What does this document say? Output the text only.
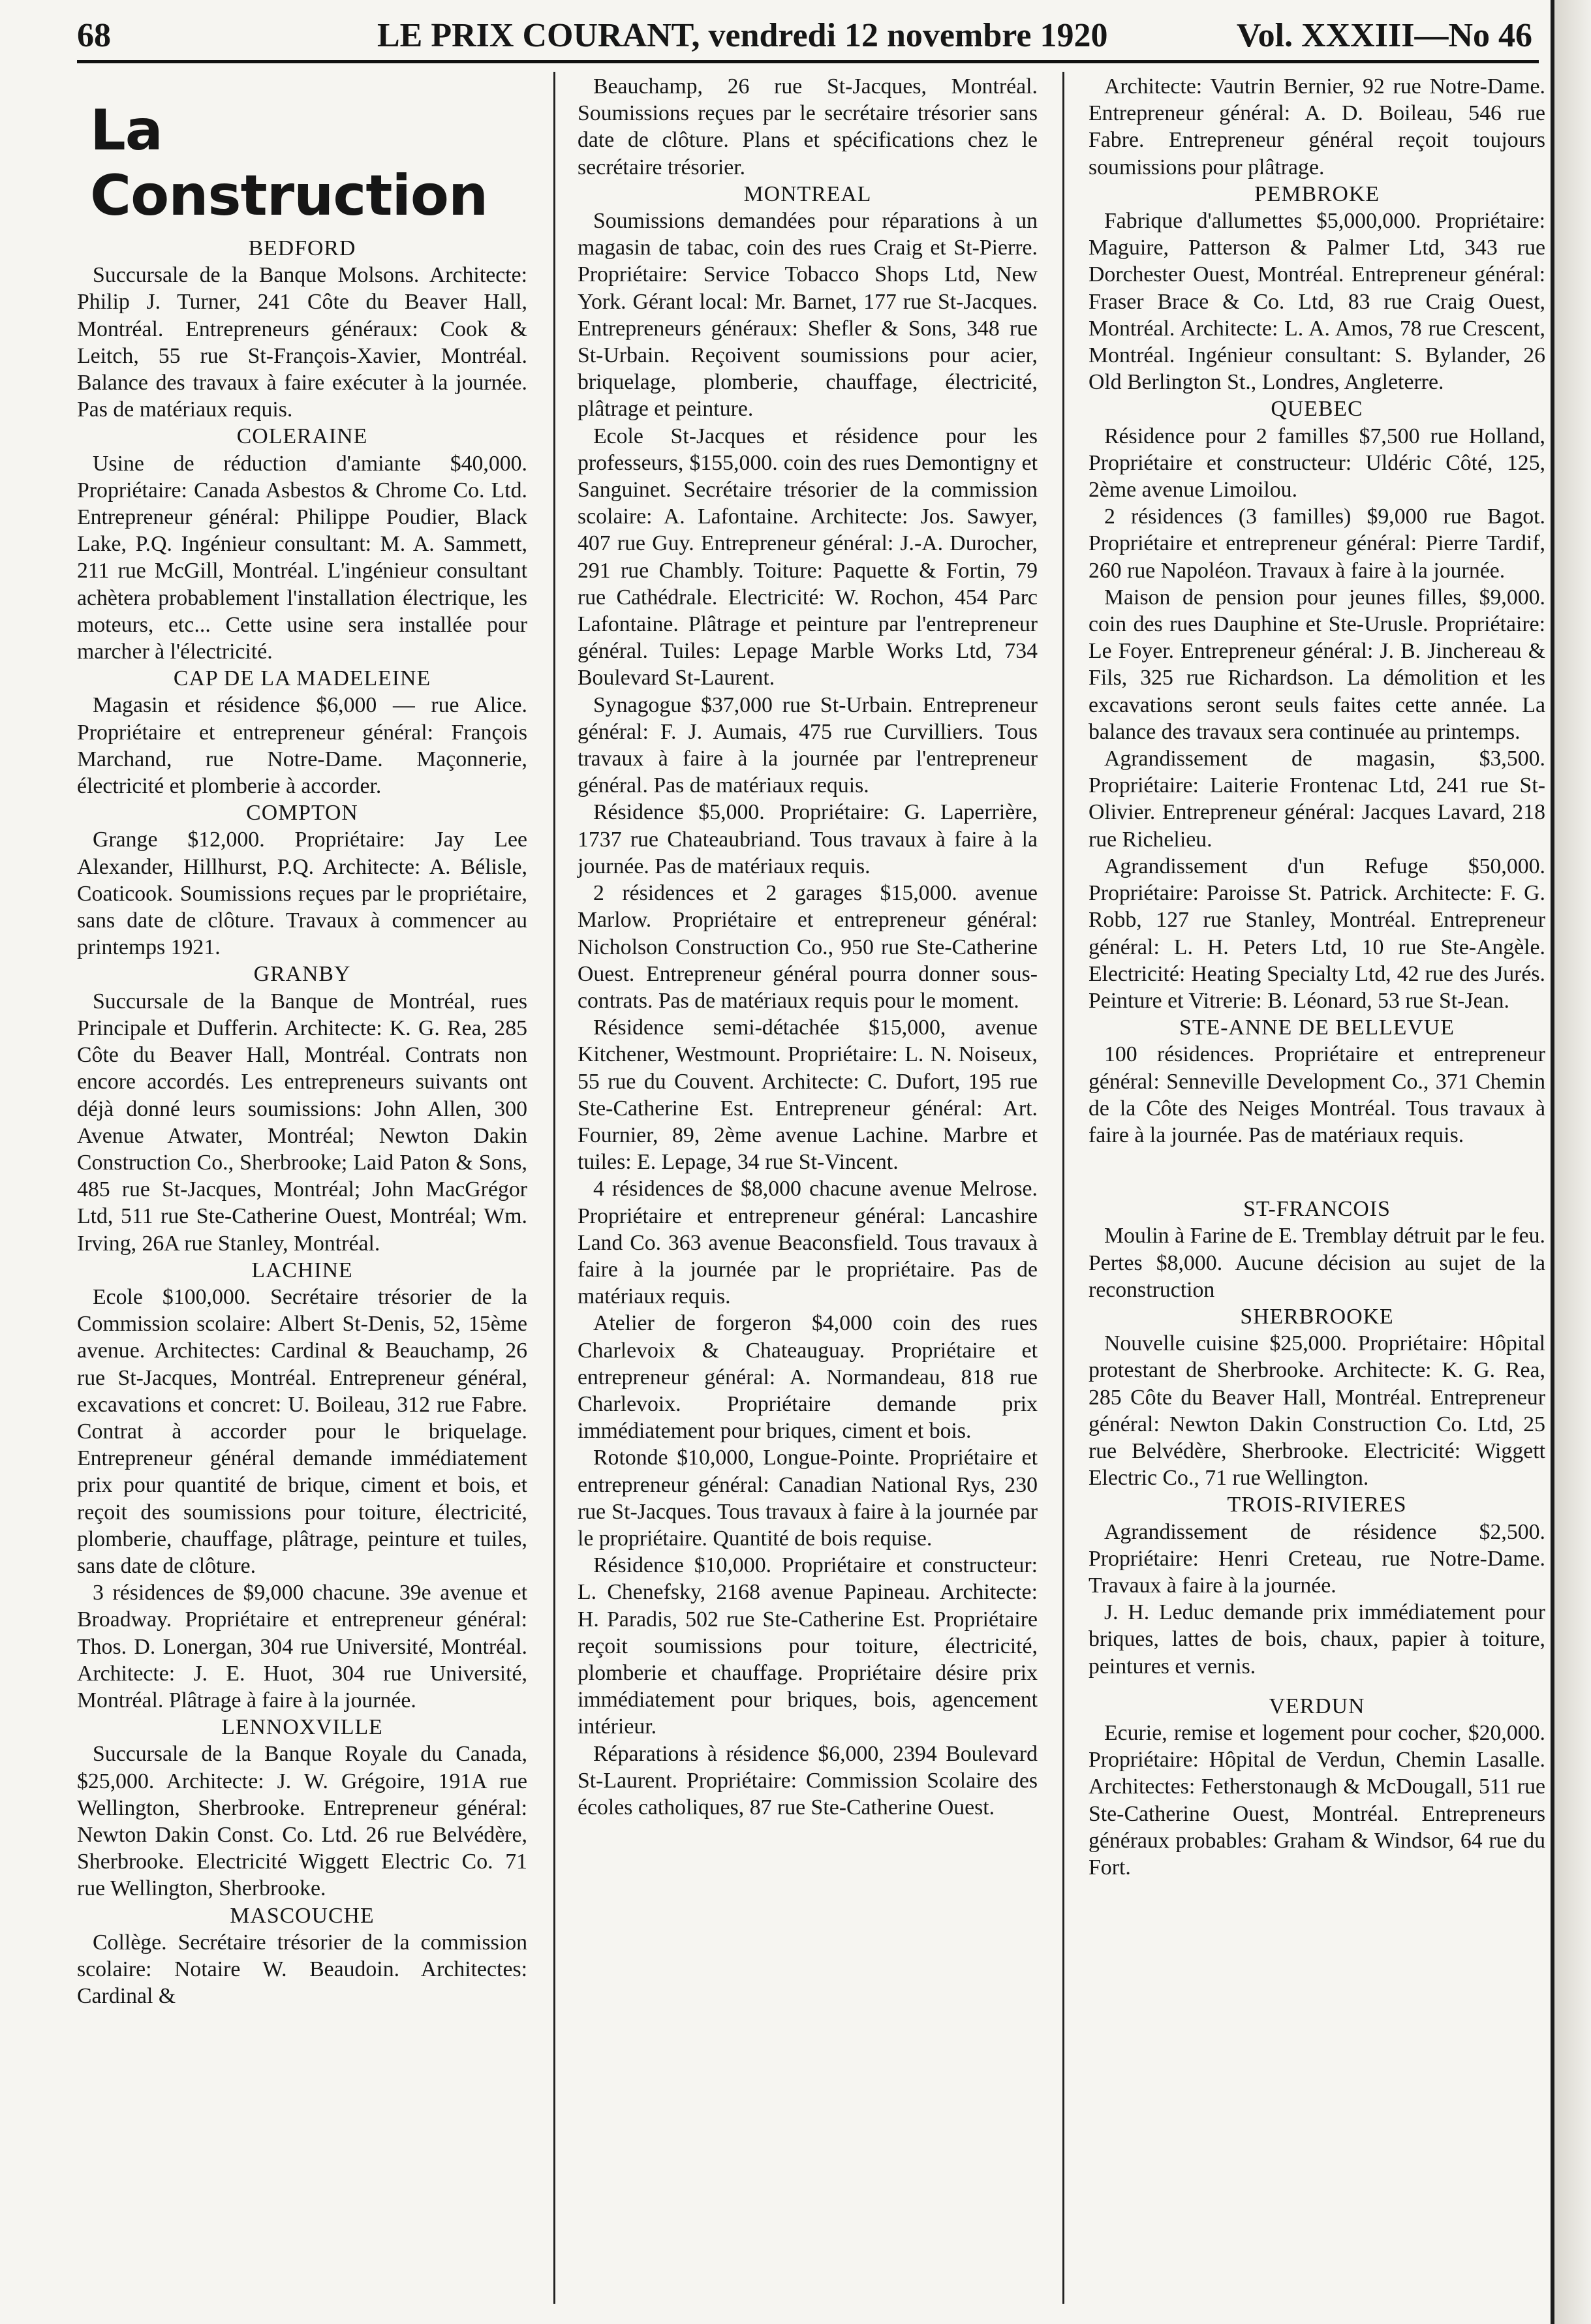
68	LE PRIX COURANT, vendredi 12 novembre 1920	Vol. XXXIII—No 46
La Construction

BEDFORD

Succursale de la Banque Molsons. Architecte: Philip J. Turner, 241 Côte du Beaver Hall, Montréal. Entrepreneurs généraux: Cook & Leitch, 55 rue St-François-Xavier, Montréal. Balance des travaux à faire exécuter à la journée. Pas de matériaux requis.

COLERAINE

Usine de réduction d'amiante $40,000. Propriétaire: Canada Asbestos & Chrome Co. Ltd. Entrepreneur général: Philippe Poudier, Black Lake, P.Q. Ingénieur consultant: M. A. Sammett, 211 rue McGill, Montréal. L'ingénieur consultant achètera probablement l'installation électrique, les moteurs, etc... Cette usine sera installée pour marcher à l'électricité.

CAP DE LA MADELEINE

Magasin et résidence $6,000 — rue Alice. Propriétaire et entrepreneur général: François Marchand, rue Notre-Dame. Maçonnerie, électricité et plomberie à accorder.

COMPTON

Grange $12,000. Propriétaire: Jay Lee Alexander, Hillhurst, P.Q. Architecte: A. Bélisle, Coaticook. Soumissions reçues par le propriétaire, sans date de clôture. Travaux à commencer au printemps 1921.

GRANBY

Succursale de la Banque de Montréal, rues Principale et Dufferin. Architecte: K. G. Rea, 285 Côte du Beaver Hall, Montréal. Contrats non encore accordés. Les entrepreneurs suivants ont déjà donné leurs soumissions: John Allen, 300 Avenue Atwater, Montréal; Newton Dakin Construction Co., Sherbrooke; Laid Paton & Sons, 485 rue St-Jacques, Montréal; John MacGrégor Ltd, 511 rue Ste-Catherine Ouest, Montréal; Wm. Irving, 26A rue Stanley, Montréal.

LACHINE

Ecole $100,000. Secrétaire trésorier de la Commission scolaire: Albert St-Denis, 52, 15ème avenue. Architectes: Cardinal & Beauchamp, 26 rue St-Jacques, Montréal. Entrepreneur général, excavations et concret: U. Boileau, 312 rue Fabre. Contrat à accorder pour le briquelage. Entrepreneur général demande immédiatement prix pour quantité de brique, ciment et bois, et reçoit des soumissions pour toiture, électricité, plomberie, chauffage, plâtrage, peinture et tuiles, sans date de clôture.

3 résidences de $9,000 chacune. 39e avenue et Broadway. Propriétaire et entrepreneur général: Thos. D. Lonergan, 304 rue Université, Montréal. Architecte: J. E. Huot, 304 rue Université, Montréal. Plâtrage à faire à la journée.

LENNOXVILLE

Succursale de la Banque Royale du Canada, $25,000. Architecte: J. W. Grégoire, 191A rue Wellington, Sherbrooke. Entrepreneur général: Newton Dakin Const. Co. Ltd. 26 rue Belvédère, Sherbrooke. Electricité Wiggett Electric Co. 71 rue Wellington, Sherbrooke.

MASCOUCHE

Collège. Secrétaire trésorier de la commission scolaire: Notaire W. Beaudoin. Architectes: Cardinal &

Beauchamp, 26 rue St-Jacques, Montréal. Soumissions reçues par le secrétaire trésorier sans date de clôture. Plans et spécifications chez le secrétaire trésorier.

MONTREAL

Soumissions demandées pour réparations à un magasin de tabac, coin des rues Craig et St-Pierre. Propriétaire: Service Tobacco Shops Ltd, New York. Gérant local: Mr. Barnet, 177 rue St-Jacques. Entrepreneurs généraux: Shefler & Sons, 348 rue St-Urbain. Reçoivent soumissions pour acier, briquelage, plomberie, chauffage, électricité, plâtrage et peinture.

Ecole St-Jacques et résidence pour les professeurs, $155,000. coin des rues Demontigny et Sanguinet. Secrétaire trésorier de la commission scolaire: A. Lafontaine. Architecte: Jos. Sawyer, 407 rue Guy. Entrepreneur général: J.-A. Durocher, 291 rue Chambly. Toiture: Paquette & Fortin, 79 rue Cathédrale. Electricité: W. Rochon, 454 Parc Lafontaine. Plâtrage et peinture par l'entrepreneur général. Tuiles: Lepage Marble Works Ltd, 734 Boulevard St-Laurent.

Synagogue $37,000 rue St-Urbain. Entrepreneur général: F. J. Aumais, 475 rue Curvilliers. Tous travaux à faire à la journée par l'entrepreneur général. Pas de matériaux requis.

Résidence $5,000. Propriétaire: G. Laperrière, 1737 rue Chateaubriand. Tous travaux à faire à la journée. Pas de matériaux requis.

2 résidences et 2 garages $15,000. avenue Marlow. Propriétaire et entrepreneur général: Nicholson Construction Co., 950 rue Ste-Catherine Ouest. Entrepreneur général pourra donner sous-contrats. Pas de matériaux requis pour le moment.

Résidence semi-détachée $15,000, avenue Kitchener, Westmount. Propriétaire: L. N. Noiseux, 55 rue du Couvent. Architecte: C. Dufort, 195 rue Ste-Catherine Est. Entrepreneur général: Art. Fournier, 89, 2ème avenue Lachine. Marbre et tuiles: E. Lepage, 34 rue St-Vincent.

4 résidences de $8,000 chacune avenue Melrose. Propriétaire et entrepreneur général: Lancashire Land Co. 363 avenue Beaconsfield. Tous travaux à faire à la journée par le propriétaire. Pas de matériaux requis.

Atelier de forgeron $4,000 coin des rues Charlevoix & Chateauguay. Propriétaire et entrepreneur général: A. Normandeau, 818 rue Charlevoix. Propriétaire demande prix immédiatement pour briques, ciment et bois.

Rotonde $10,000, Longue-Pointe. Propriétaire et entrepreneur général: Canadian National Rys, 230 rue St-Jacques. Tous travaux à faire à la journée par le propriétaire. Quantité de bois requise.

Résidence $10,000. Propriétaire et constructeur: L. Chenefsky, 2168 avenue Papineau. Architecte: H. Paradis, 502 rue Ste-Catherine Est. Propriétaire reçoit soumissions pour toiture, électricité, plomberie et chauffage. Propriétaire désire prix immédiatement pour briques, bois, agencement intérieur.

Réparations à résidence $6,000, 2394 Boulevard St-Laurent. Propriétaire: Commission Scolaire des écoles catholiques, 87 rue Ste-Catherine Ouest.

Architecte: Vautrin Bernier, 92 rue Notre-Dame. Entrepreneur général: A. D. Boileau, 546 rue Fabre. Entrepreneur général reçoit toujours soumissions pour plâtrage.

PEMBROKE

Fabrique d'allumettes $5,000,000. Propriétaire: Maguire, Patterson & Palmer Ltd, 343 rue Dorchester Ouest, Montréal. Entrepreneur général: Fraser Brace & Co. Ltd, 83 rue Craig Ouest, Montréal. Architecte: L. A. Amos, 78 rue Crescent, Montréal. Ingénieur consultant: S. Bylander, 26 Old Berlington St., Londres, Angleterre.

QUEBEC

Résidence pour 2 familles $7,500 rue Holland, Propriétaire et constructeur: Uldéric Côté, 125, 2ème avenue Limoilou.

2 résidences (3 familles) $9,000 rue Bagot. Propriétaire et entrepreneur général: Pierre Tardif, 260 rue Napoléon. Travaux à faire à la journée.

Maison de pension pour jeunes filles, $9,000. coin des rues Dauphine et Ste-Urusle. Propriétaire: Le Foyer. Entrepreneur général: J. B. Jinchereau & Fils, 325 rue Richardson. La démolition et les excavations seront seuls faites cette année. La balance des travaux sera continuée au printemps.

Agrandissement de magasin, $3,500. Propriétaire: Laiterie Frontenac Ltd, 241 rue St-Olivier. Entrepreneur général: Jacques Lavard, 218 rue Richelieu.

Agrandissement d'un Refuge $50,000. Propriétaire: Paroisse St. Patrick. Architecte: F. G. Robb, 127 rue Stanley, Montréal. Entrepreneur général: L. H. Peters Ltd, 10 rue Ste-Angèle. Electricité: Heating Specialty Ltd, 42 rue des Jurés. Peinture et Vitrerie: B. Léonard, 53 rue St-Jean.

STE-ANNE DE BELLEVUE

100 résidences. Propriétaire et entrepreneur général: Senneville Development Co., 371 Chemin de la Côte des Neiges Montréal. Tous travaux à faire à la journée. Pas de matériaux requis.

ST-FRANCOIS

Moulin à Farine de E. Tremblay détruit par le feu. Pertes $8,000. Aucune décision au sujet de la reconstruction

SHERBROOKE

Nouvelle cuisine $25,000. Propriétaire: Hôpital protestant de Sherbrooke. Architecte: K. G. Rea, 285 Côte du Beaver Hall, Montréal. Entrepreneur général: Newton Dakin Construction Co. Ltd, 25 rue Belvédère, Sherbrooke. Electricité: Wiggett Electric Co., 71 rue Wellington.

TROIS-RIVIERES

Agrandissement de résidence $2,500. Propriétaire: Henri Creteau, rue Notre-Dame. Travaux à faire à la journée.

J. H. Leduc demande prix immédiatement pour briques, lattes de bois, chaux, papier à toiture, peintures et vernis.

VERDUN

Ecurie, remise et logement pour cocher, $20,000. Propriétaire: Hôpital de Verdun, Chemin Lasalle. Architectes: Fetherstonaugh & McDougall, 511 rue Ste-Catherine Ouest, Montréal. Entrepreneurs généraux probables: Graham & Windsor, 64 rue du Fort.
